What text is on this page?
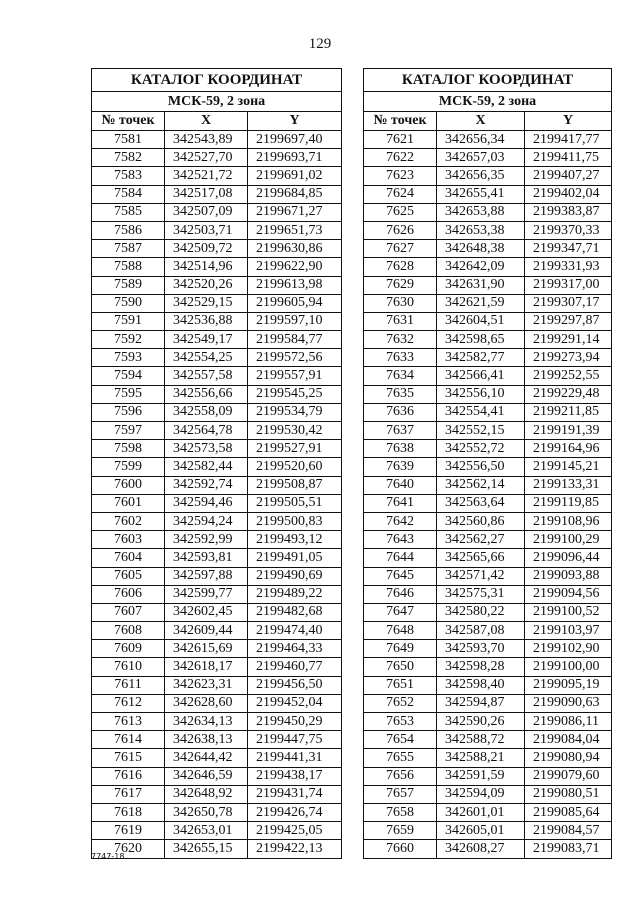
129
КАТАЛОГ КООРДИНАТ		
МСК-59, 2 зона		
№ точек	X	Y
7581	342543,89	2199697,40
7582	342527,70	2199693,71
7583	342521,72	2199691,02
7584	342517,08	2199684,85
7585	342507,09	2199671,27
7586	342503,71	2199651,73
7587	342509,72	2199630,86
7588	342514,96	2199622,90
7589	342520,26	2199613,98
7590	342529,15	2199605,94
7591	342536,88	2199597,10
7592	342549,17	2199584,77
7593	342554,25	2199572,56
7594	342557,58	2199557,91
7595	342556,66	2199545,25
7596	342558,09	2199534,79
7597	342564,78	2199530,42
7598	342573,58	2199527,91
7599	342582,44	2199520,60
7600	342592,74	2199508,87
7601	342594,46	2199505,51
7602	342594,24	2199500,83
7603	342592,99	2199493,12
7604	342593,81	2199491,05
7605	342597,88	2199490,69
7606	342599,77	2199489,22
7607	342602,45	2199482,68
7608	342609,44	2199474,40
7609	342615,69	2199464,33
7610	342618,17	2199460,77
7611	342623,31	2199456,50
7612	342628,60	2199452,04
7613	342634,13	2199450,29
7614	342638,13	2199447,75
7615	342644,42	2199441,31
7616	342646,59	2199438,17
7617	342648,92	2199431,74
7618	342650,78	2199426,74
7619	342653,01	2199425,05
7620	342655,15	2199422,13
КАТАЛОГ КООРДИНАТ		
МСК-59, 2 зона		
№ точек	X	Y
7621	342656,34	2199417,77
7622	342657,03	2199411,75
7623	342656,35	2199407,27
7624	342655,41	2199402,04
7625	342653,88	2199383,87
7626	342653,38	2199370,33
7627	342648,38	2199347,71
7628	342642,09	2199331,93
7629	342631,90	2199317,00
7630	342621,59	2199307,17
7631	342604,51	2199297,87
7632	342598,65	2199291,14
7633	342582,77	2199273,94
7634	342566,41	2199252,55
7635	342556,10	2199229,48
7636	342554,41	2199211,85
7637	342552,15	2199191,39
7638	342552,72	2199164,96
7639	342556,50	2199145,21
7640	342562,14	2199133,31
7641	342563,64	2199119,85
7642	342560,86	2199108,96
7643	342562,27	2199100,29
7644	342565,66	2199096,44
7645	342571,42	2199093,88
7646	342575,31	2199094,56
7647	342580,22	2199100,52
7648	342587,08	2199103,97
7649	342593,70	2199102,90
7650	342598,28	2199100,00
7651	342598,40	2199095,19
7652	342594,87	2199090,63
7653	342590,26	2199086,11
7654	342588,72	2199084,04
7655	342588,21	2199080,94
7656	342591,59	2199079,60
7657	342594,09	2199080,51
7658	342601,01	2199085,64
7659	342605,01	2199084,57
7660	342608,27	2199083,71
7747-18
